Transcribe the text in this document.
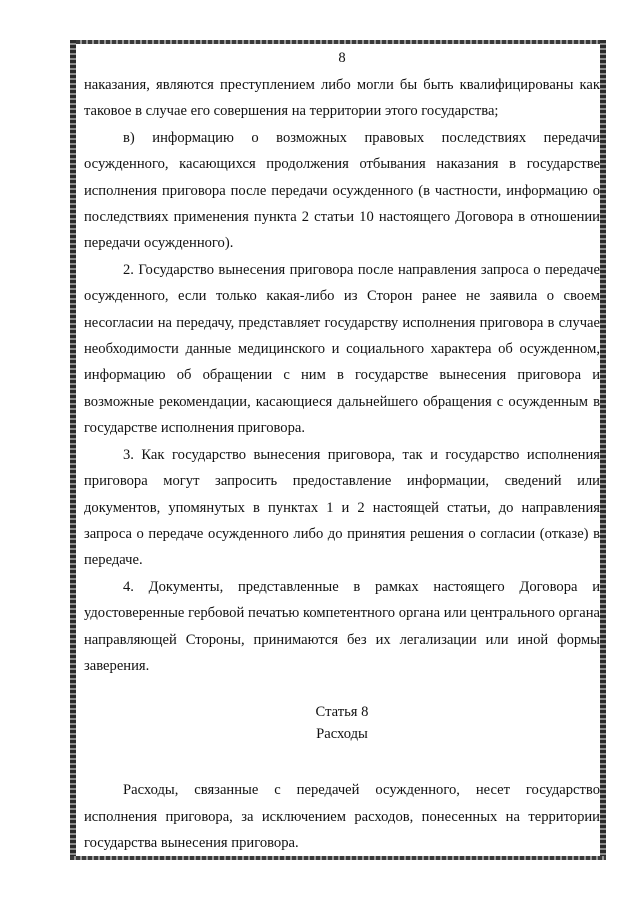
8

наказания, являются преступлением либо могли бы быть квалифицированы как таковое в случае его совершения на территории этого государства;

в) информацию о возможных правовых последствиях передачи осужденного, касающихся продолжения отбывания наказания в государстве исполнения приговора после передачи осужденного (в частности, информацию о последствиях применения пункта 2 статьи 10 настоящего Договора в отношении передачи осужденного).

2. Государство вынесения приговора после направления запроса о передаче осужденного, если только какая-либо из Сторон ранее не заявила о своем несогласии на передачу, представляет государству исполнения приговора в случае необходимости данные медицинского и социального характера об осужденном, информацию об обращении с ним в государстве вынесения приговора и возможные рекомендации, касающиеся дальнейшего обращения с осужденным в государстве исполнения приговора.

3. Как государство вынесения приговора, так и государство исполнения приговора могут запросить предоставление информации, сведений или документов, упомянутых в пунктах 1 и 2 настоящей статьи, до направления запроса о передаче осужденного либо до принятия решения о согласии (отказе) в передаче.

4. Документы, представленные в рамках настоящего Договора и удостоверенные гербовой печатью компетентного органа или центрального органа направляющей Стороны, принимаются без их легализации или иной формы заверения.

Статья 8
Расходы

Расходы, связанные с передачей осужденного, несет государство исполнения приговора, за исключением расходов, понесенных на территории государства вынесения приговора.
